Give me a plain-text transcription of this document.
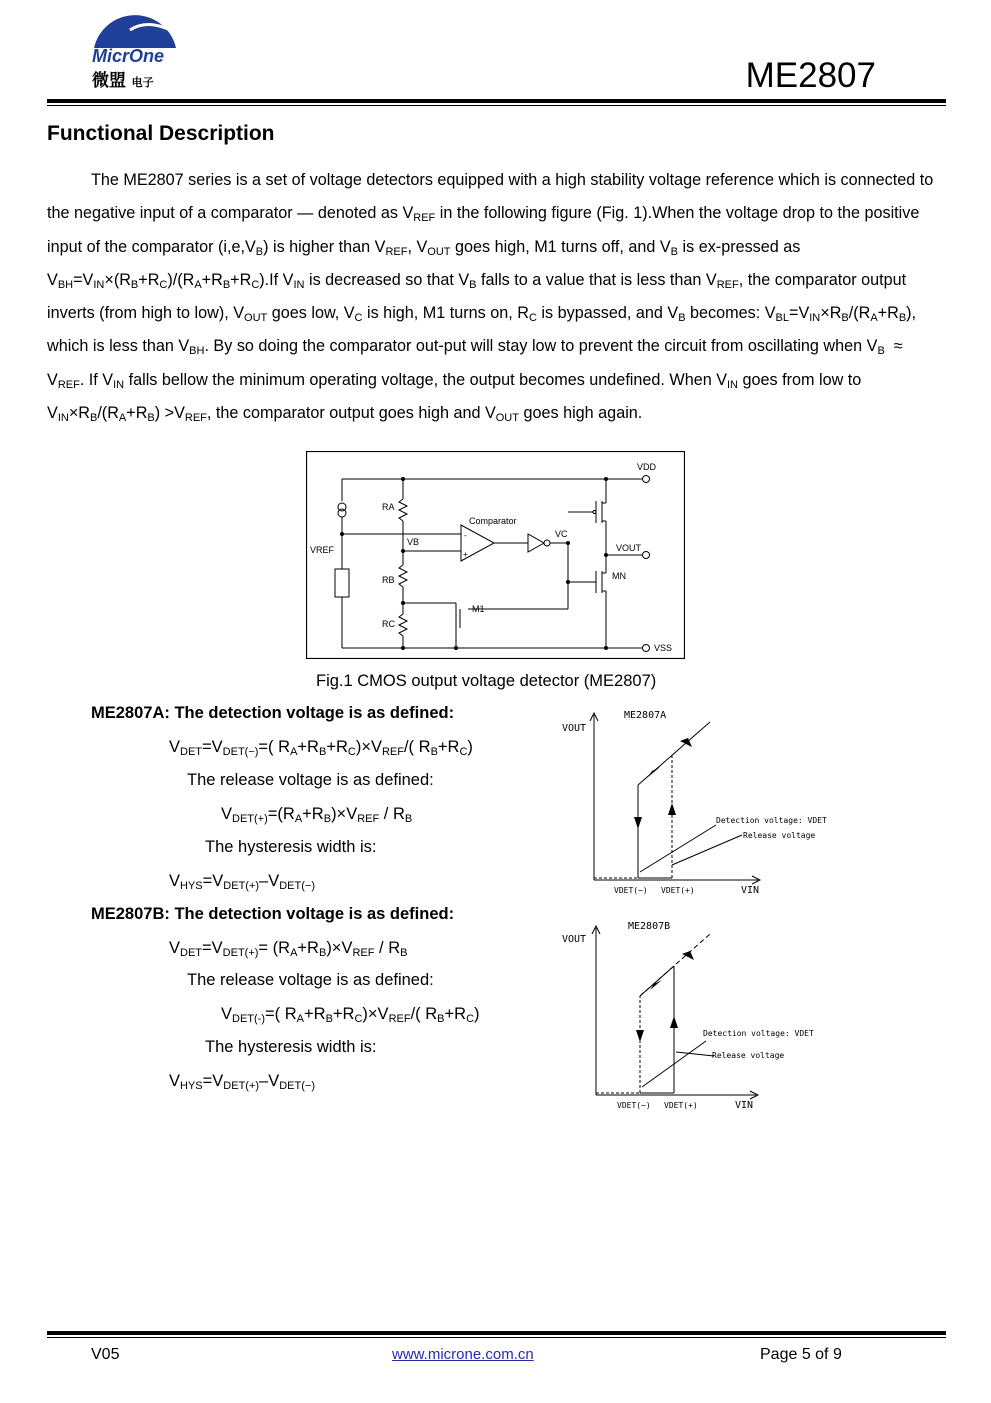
MicrOne
微盟 电子	ME2807
Functional Description

The ME2807 series is a set of voltage detectors equipped with a high stability voltage reference which is connected to the negative input of a comparator — denoted as $V_{REF}$ in the following figure (Fig. 1).When the voltage drop to the positive input of the comparator $(i,e,V_B)$ is higher than $V_{REF}$, $V_{OUT}$ goes high, M1 turns off, and $V_B$ is ex-pressed as $V_{BH}=V_{IN}\times(R_B+R_C)/(R_A+R_B+R_C).If$ $V_{IN}$ is decreased so that $V_B$ falls to a value that is less than $V_{REF}$, the comparator output inverts (from high to low), $V_{OUT}$ goes low, $V_C$ is high, M1 turns on, $R_C$ is bypassed, and $V_B$ becomes: $V_{BL}=V_{IN}\times R_B/(R_A+R_B)$, which is less than $V_{BH}$. By so doing the comparator out-put will stay low to prevent the circuit from oscillating when $V_B \approx V_{REF}$. If $V_{IN}$ falls bellow the minimum operating voltage, the output becomes undefined. When $V_{IN}$ goes from low to $V_{IN}\times R_B/(R_A+R_B) >V_{REF}$, the comparator output goes high and $V_{OUT}$ goes high again.

-
+
VDD
VSS
RA
RB
RC
Comparator
VREF
VB
VC
VOUT
MN
M1
Fig.1 CMOS output voltage detector (ME2807)
ME2807A: The detection voltage is as defined:
$V_{DET}=V_{DET(-)}=$( $R_A+R_B+R_C)\times V_{REF}/$( $R_B+R_C$)
The release voltage is as defined:
$V_{DET(+)}=(R_A+R_B)\times V_{REF} / R_B$
The hysteresis width is:
$V_{HYS}=V_{DET(+)}-V_{DET(-)}$
ME2807B: The detection voltage is as defined:
$V_{DET}=V_{DET(+)}= (R_A+R_B)\times V_{REF} / R_B$
The release voltage is as defined:
$V_{DET(-)}=$( $R_A+R_B+R_C)\times V_{REF}/$( $R_B+R_C$)
The hysteresis width is:
$V_{HYS}=V_{DET(+)}-V_{DET(-)}$
ME2807A
VOUT
VIN
VDET(−) VDET(+)
Detection voltage: VDET
Release voltage
ME2807B
VOUT
VIN
VDET(−) VDET(+)
Detection voltage: VDET
Release voltage
V05	www.microne.com.cn	Page 5 of 9
